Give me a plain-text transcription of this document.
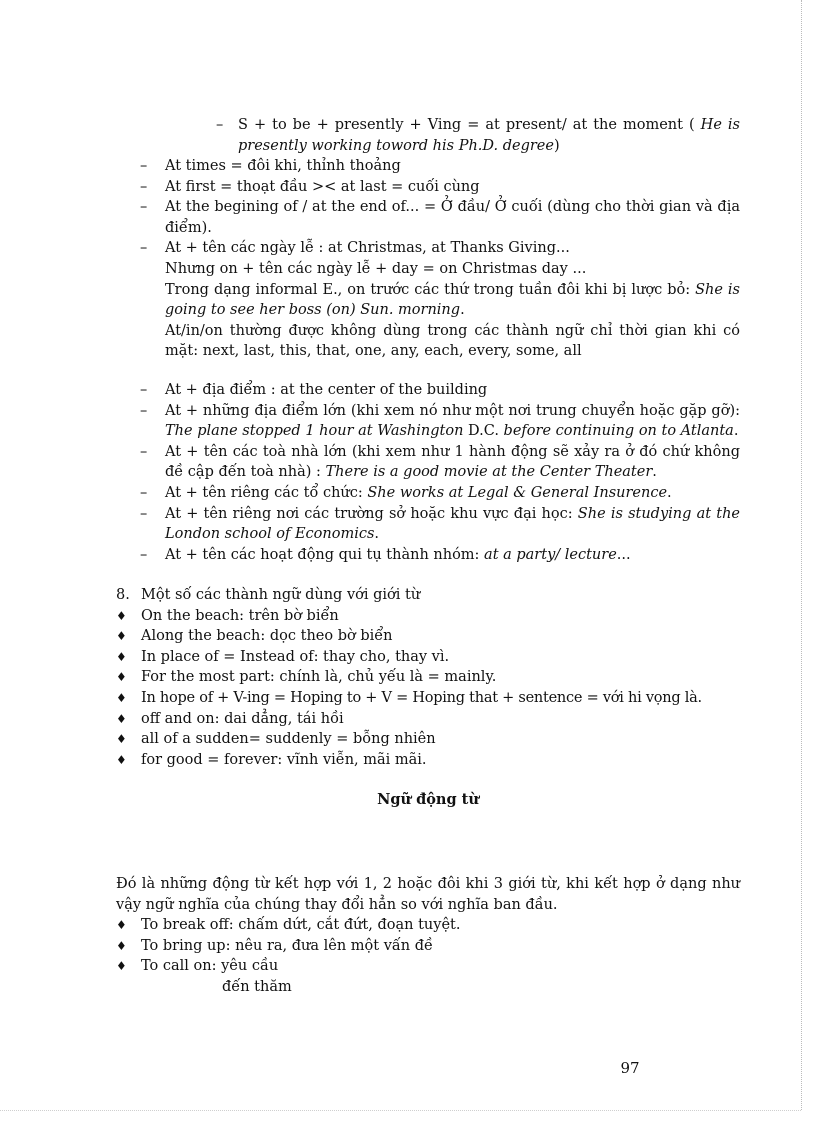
– S + to be + presently + Ving = at present/ at the moment ( He is presently working toword his Ph.D. degree)
– At times = đôi khi, thỉnh thoảng
– At first = thoạt đầu >< at last = cuối cùng
– At the begining of / at the end of... = Ở đầu/ Ở cuối (dùng cho thời gian và địa điểm).
– At + tên các ngày lễ : at Christmas, at Thanks Giving...
Nhưng on + tên các ngày lễ + day = on Christmas day ...
Trong dạng informal E., on trước các thứ trong tuần đôi khi bị lược bỏ: She is going to see her boss (on) Sun. morning.
At/in/on thường được không dùng trong các thành ngữ chỉ thời gian khi có mặt: next, last, this, that, one, any, each, every, some, all
– At + địa điểm : at the center of the building
– At + những địa điểm lớn (khi xem nó như một nơi trung chuyển hoặc gặp gỡ): The plane stopped 1 hour at Washington D.C. before continuing on to Atlanta.
– At + tên các toà nhà lớn (khi xem như 1 hành động sẽ xảy ra ở đó chứ không đề cập đến toà nhà) : There is a good movie at the Center Theater.
– At + tên riêng các tổ chức: She works at Legal & General Insurence.
– At + tên riêng nơi các trường sở hoặc khu vực đại học: She is studying at the London school of Economics.
– At + tên các hoạt động qui tụ thành nhóm: at a party/ lecture...
8. Một số các thành ngữ dùng với giới từ
♦ On the beach: trên bờ biển
♦ Along the beach: dọc theo bờ biển
♦ In place of = Instead of: thay cho, thay vì.
♦ For the most part: chính là, chủ yếu là = mainly.
♦ In hope of + V-ing = Hoping to + V = Hoping that + sentence = với hi vọng là.
♦ off and on: dai dẳng, tái hồi
♦ all of a sudden= suddenly = bỗng nhiên
♦ for good = forever: vĩnh viễn, mãi mãi.
Ngữ động từ
Đó là những động từ kết hợp với 1, 2 hoặc đôi khi 3 giới từ, khi kết hợp ở dạng như vậy ngữ nghĩa của chúng thay đổi hẳn so với nghĩa ban đầu.
♦ To break off: chấm dứt, cắt đứt, đoạn tuyệt.
♦ To bring up: nêu ra, đưa lên một vấn đề
♦ To call on: yêu cầu
đến thăm
97
